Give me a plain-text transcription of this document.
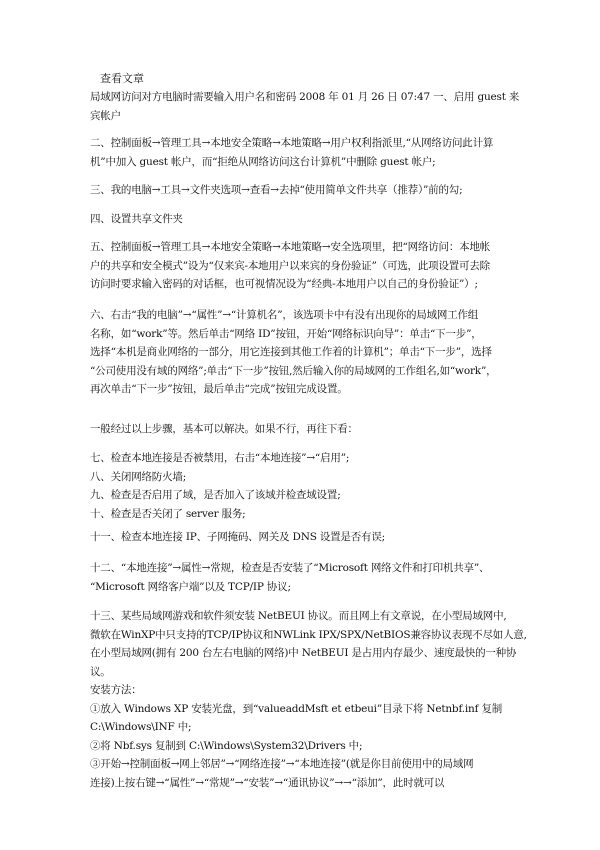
查看文章
局域网访问对方电脑时需要输入用户名和密码 2008 年 01 月 26 日 07:47 一、启用 guest 来
宾帐户
二、控制面板→管理工具→本地安全策略→本地策略→用户权利指派里,“从网络访问此计算
机”中加入 guest 帐户，而“拒绝从网络访问这台计算机”中删除 guest 帐户;
三、我的电脑→工具→文件夹选项→查看→去掉“使用简单文件共享（推荐）”前的勾;
四、设置共享文件夹
五、控制面板→管理工具→本地安全策略→本地策略→安全选项里，把“网络访问：本地帐
户的共享和安全模式”设为“仅来宾-本地用户以来宾的身份验证”（可选，此项设置可去除
访问时要求输入密码的对话框，也可视情况设为“经典-本地用户以自己的身份验证”）;
六、右击“我的电脑”→“属性”→“计算机名”，该选项卡中有没有出现你的局域网工作组
名称，如“work”等。然后单击“网络 ID”按钮，开始“网络标识向导”：单击“下一步”，
选择“本机是商业网络的一部分，用它连接到其他工作着的计算机”；单击“下一步”，选择
“公司使用没有域的网络”;单击“下一步”按钮,然后输入你的局域网的工作组名,如“work”，
再次单击“下一步”按钮，最后单击“完成”按钮完成设置。
一般经过以上步骤，基本可以解决。如果不行，再往下看：
七、检查本地连接是否被禁用，右击“本地连接”→“启用”;
八、关闭网络防火墙;
九、检查是否启用了域，是否加入了该域并检查域设置;
十、检查是否关闭了 server 服务;
十一、检查本地连接 IP、子网掩码、网关及 DNS 设置是否有误;
十二、“本地连接”→属性→常规，检查是否安装了“Microsoft 网络文件和打印机共享”、
“Microsoft 网络客户端”以及 TCP/IP 协议;
十三、某些局域网游戏和软件须安装 NetBEUI 协议。而且网上有文章说，在小型局域网中,
微软在WinXP中只支持的TCP/IP协议和NWLink IPX/SPX/NetBIOS兼容协议表现不尽如人意,
在小型局域网(拥有 200 台左右电脑的网络)中 NetBEUI 是占用内存最少、速度最快的一种协
议。
安装方法：
①放入 Windows XP 安装光盘，到“valueaddMsft et etbeui”目录下将 Netnbf.inf 复制
C:\Windows\INF 中;
②将 Nbf.sys 复制到 C:\Windows\System32\Drivers 中;
③开始→控制面板→网上邻居”→“网络连接”→“本地连接”(就是你目前使用中的局域网
连接)上按右键→“属性”→“常规”→“安装”→“通讯协议”→→“添加”，此时就可以
